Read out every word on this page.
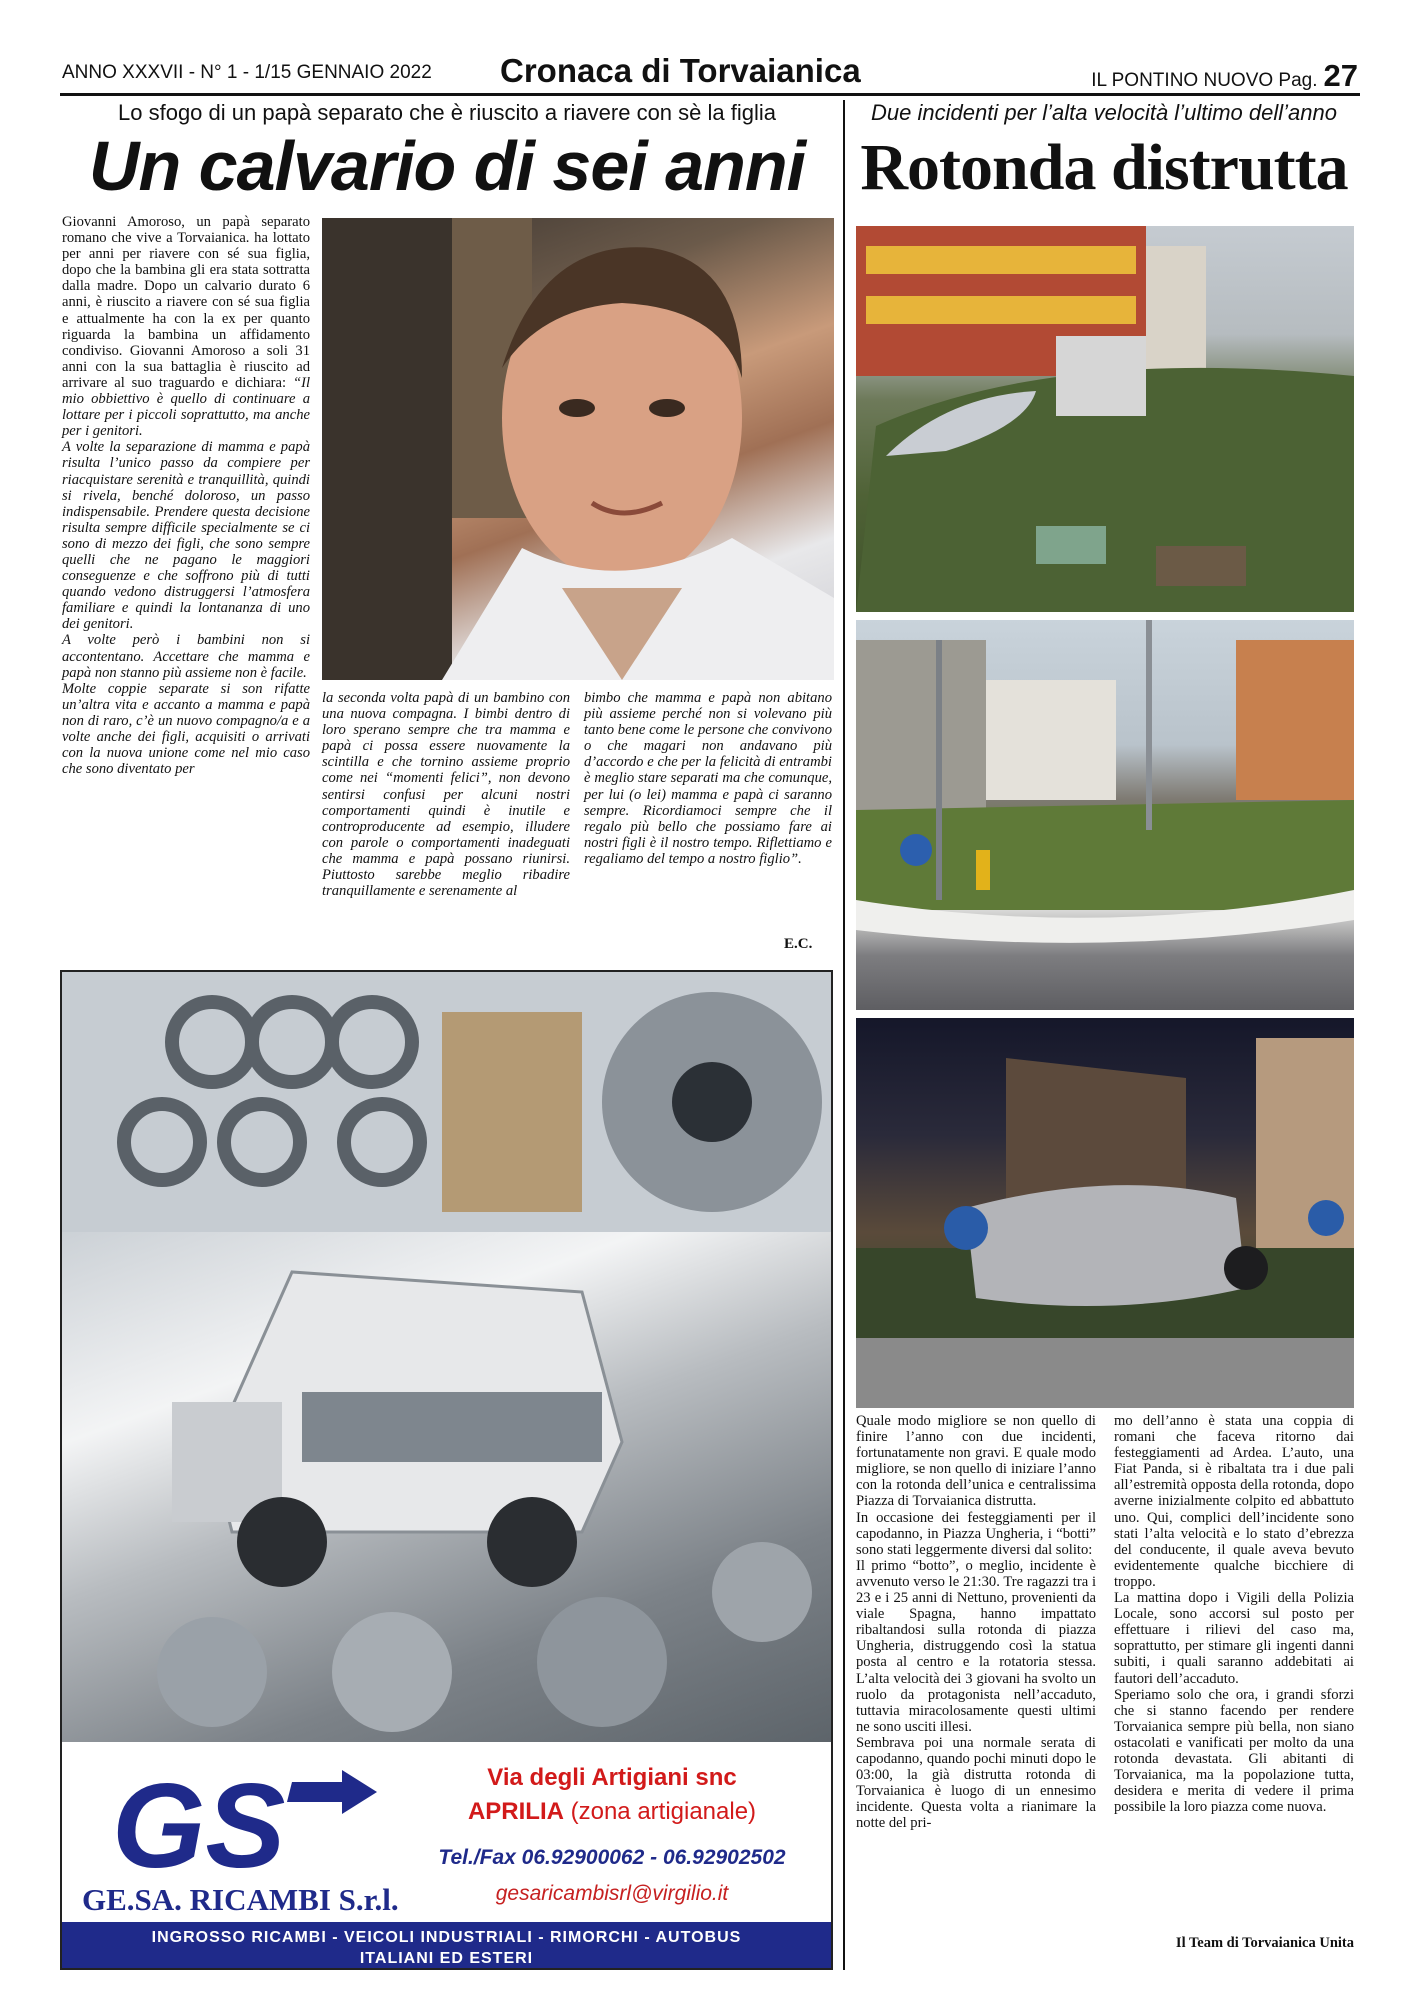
ANNO XXXVII - N° 1 - 1/15 GENNAIO 2022 Cronaca di Torvaianica	IL PONTINO NUOVO Pag. 27
Lo sfogo di un papà separato che è riuscito a riavere con sè la figlia
Un calvario di sei anni
Giovanni Amoroso, un papà separato romano che vive a Torvaianica. ha lottato per anni per riavere con sé sua figlia, dopo che la bambina gli era stata sottratta dalla madre. Dopo un calvario durato 6 anni, è riuscito a riavere con sé sua figlia e attualmente ha con la ex per quanto riguarda la bambina un affidamento condiviso. Giovanni Amoroso a soli 31 anni con la sua battaglia è riuscito ad arrivare al suo traguardo e dichiara: “Il mio obbiettivo è quello di continuare a lottare per i piccoli soprattutto, ma anche per i genitori.

A volte la separazione di mamma e papà risulta l’unico passo da compiere per riacquistare serenità e tranquillità, quindi si rivela, benché doloroso, un passo indispensabile. Prendere questa decisione risulta sempre difficile specialmente se ci sono di mezzo dei figli, che sono sempre quelli che ne pagano le maggiori conseguenze e che soffrono più di tutti quando vedono distruggersi l’atmosfera familiare e quindi la lontananza di uno dei genitori.

A volte però i bambini non si accontentano. Accettare che mamma e papà non stanno più assieme non è facile.

Molte coppie separate si son rifatte un’altra vita e accanto a mamma e papà non di raro, c’è un nuovo compagno/a e a volte anche dei figli, acquisiti o arrivati con la nuova unione come nel mio caso che sono diventato per

la seconda volta papà di un bambino con una nuova compagna. I bimbi dentro di loro sperano sempre che tra mamma e papà ci possa essere nuovamente la scintilla e che tornino assieme proprio come nei “momenti felici”, non devono sentirsi confusi per alcuni nostri comportamenti quindi è inutile e controproducente ad esempio, illudere con parole o comportamenti inadeguati che mamma e papà possano riunirsi. Piuttosto sarebbe meglio ribadire tranquillamente e serenamente al
bimbo che mamma e papà non abitano più assieme perché non si volevano più tanto bene come le persone che convivono o che magari non andavano più d’accordo e che per la felicità di entrambi è meglio stare separati ma che comunque, per lui (o lei) mamma e papà ci saranno sempre. Ricordiamoci sempre che il regalo più bello che possiamo fare ai nostri figli è il nostro tempo. Riflettiamo e regaliamo del tempo a nostro figlio”.
E.C.
Due incidenti per l’alta velocità l’ultimo dell’anno
Rotonda distrutta

Quale modo migliore se non quello di finire l’anno con due incidenti, fortunatamente non gravi. E quale modo migliore, se non quello di iniziare l’anno con la rotonda dell’unica e centralissima Piazza di Torvaianica distrutta.

In occasione dei festeggiamenti per il capodanno, in Piazza Ungheria, i “botti” sono stati leggermente diversi dal solito:

Il primo “botto”, o meglio, incidente è avvenuto verso le 21:30. Tre ragazzi tra i 23 e i 25 anni di Nettuno, provenienti da viale Spagna, hanno impattato ribaltandosi sulla rotonda di piazza Ungheria, distruggendo così la statua posta al centro e la rotatoria stessa. L’alta velocità dei 3 giovani ha svolto un ruolo da protagonista nell’accaduto, tuttavia miracolosamente questi ultimi ne sono usciti illesi.

Sembrava poi una normale serata di capodanno, quando pochi minuti dopo le 03:00, la già distrutta rotonda di Torvaianica è luogo di un ennesimo incidente. Questa volta a rianimare la notte del pri-

mo dell’anno è stata una coppia di romani che faceva ritorno dai festeggiamenti ad Ardea. L’auto, una Fiat Panda, si è ribaltata tra i due pali all’estremità opposta della rotonda, dopo averne inizialmente colpito ed abbattuto uno. Qui, complici dell’incidente sono stati l’alta velocità e lo stato d’ebrezza del conducente, il quale aveva bevuto evidentemente qualche bicchiere di troppo.

La mattina dopo i Vigili della Polizia Locale, sono accorsi sul posto per effettuare i rilievi del caso ma, soprattutto, per stimare gli ingenti danni subiti, i quali saranno addebitati ai fautori dell’accaduto.

Speriamo solo che ora, i grandi sforzi che si stanno facendo per rendere Torvaianica sempre più bella, non siano ostacolati e vanificati per molto da una rotonda devastata. Gli abitanti di Torvaianica, ma la popolazione tutta, desidera e merita di vedere il prima possibile la loro piazza come nuova.

Il Team di Torvaianica Unita
GS
GE.SA. RICAMBI S.r.l.
Via degli Artigiani snc
APRILIA (zona artigianale)
Tel./Fax 06.92900062 - 06.92902502
gesaricambisrl@virgilio.it
INGROSSO RICAMBI - VEICOLI INDUSTRIALI - RIMORCHI - AUTOBUS
ITALIANI ED ESTERI
